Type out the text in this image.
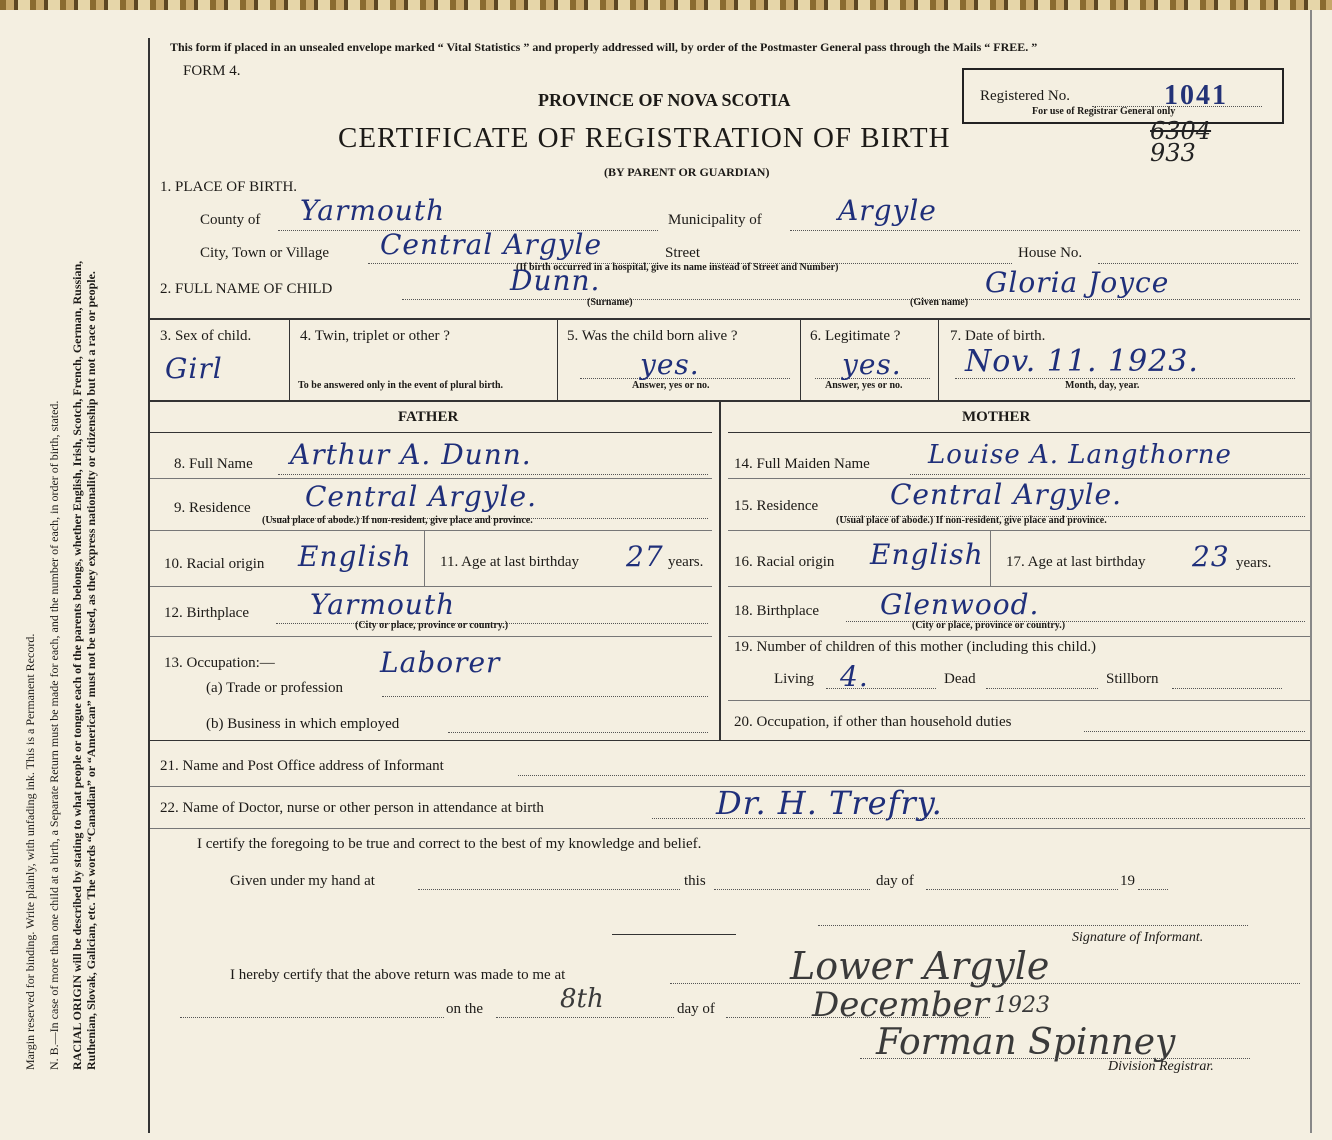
Margin reserved for binding. Write plainly, with unfading ink. This is a Permanent Record. N. B.—In case of more than one child at a birth, a Separate Return must be made for each, and the number of each, in order of birth, stated. RACIAL ORIGIN will be described by stating to what people or tongue each of the parents belongs, whether English, Irish, Scotch, French, German, Russian, Ruthenian, Slovak, Galician, etc. The words “Canadian” or “American” must not be used, as they express nationality or citizenship but not a race or people.
This form if placed in an unsealed envelope marked “ Vital Statistics ” and properly addressed will, by order of the Postmaster General pass through the Mails “ FREE. ”
FORM 4.
PROVINCE OF NOVA SCOTIA
CERTIFICATE OF REGISTRATION OF BIRTH
(BY PARENT OR GUARDIAN)
Registered No.	1041
For use of Registrar General only
6304
933
1. PLACE OF BIRTH.
County of Yarmouth	Municipality of	Argyle
City, Town or Village Central Argyle	Street	House No.
(If birth occurred in a hospital, give its name instead of Street and Number)
2. FULL NAME OF CHILD	Dunn.
(Surname)	(Given name)
Gloria Joyce
3. Sex of child.
Girl
4. Twin, triplet or other ?
To be answered only in the event of plural birth.
5. Was the child born alive ?
yes.
Answer, yes or no.
6. Legitimate ?
yes.
Answer, yes or no.
7. Date of birth.
Nov. 11. 1923.
Month, day, year.
FATHER	MOTHER
8. Full Name Arthur A. Dunn.
9. Residence Central Argyle.
(Usual place of abode.) If non-resident, give place and province.
10. Racial origin English 11. Age at last birthday 27 years.
12. Birthplace Yarmouth
(City or place, province or country.)
13. Occupation:—	Laborer
(a) Trade or profession
(b) Business in which employed
14. Full Maiden Name Louise A. Langthorne
15. Residence	Central Argyle.
(Usual place of abode.) If non-resident, give place and province.
16. Racial origin English 17. Age at last birthday 23 years.
18. Birthplace Glenwood.
(City or place, province or country.)
19. Number of children of this mother (including this child.)
Living 4.	Dead	Stillborn
20. Occupation, if other than household duties
21. Name and Post Office address of Informant
22. Name of Doctor, nurse or other person in attendance at birth	Dr. H. Trefry.
I certify the foregoing to be true and correct to the best of my knowledge and belief.
Given under my hand at	this	day of	19
Signature of Informant.
I hereby certify that the above return was made to me at	Lower Argyle
on the	8th	day of	December 1923
Forman Spinney
Division Registrar.
